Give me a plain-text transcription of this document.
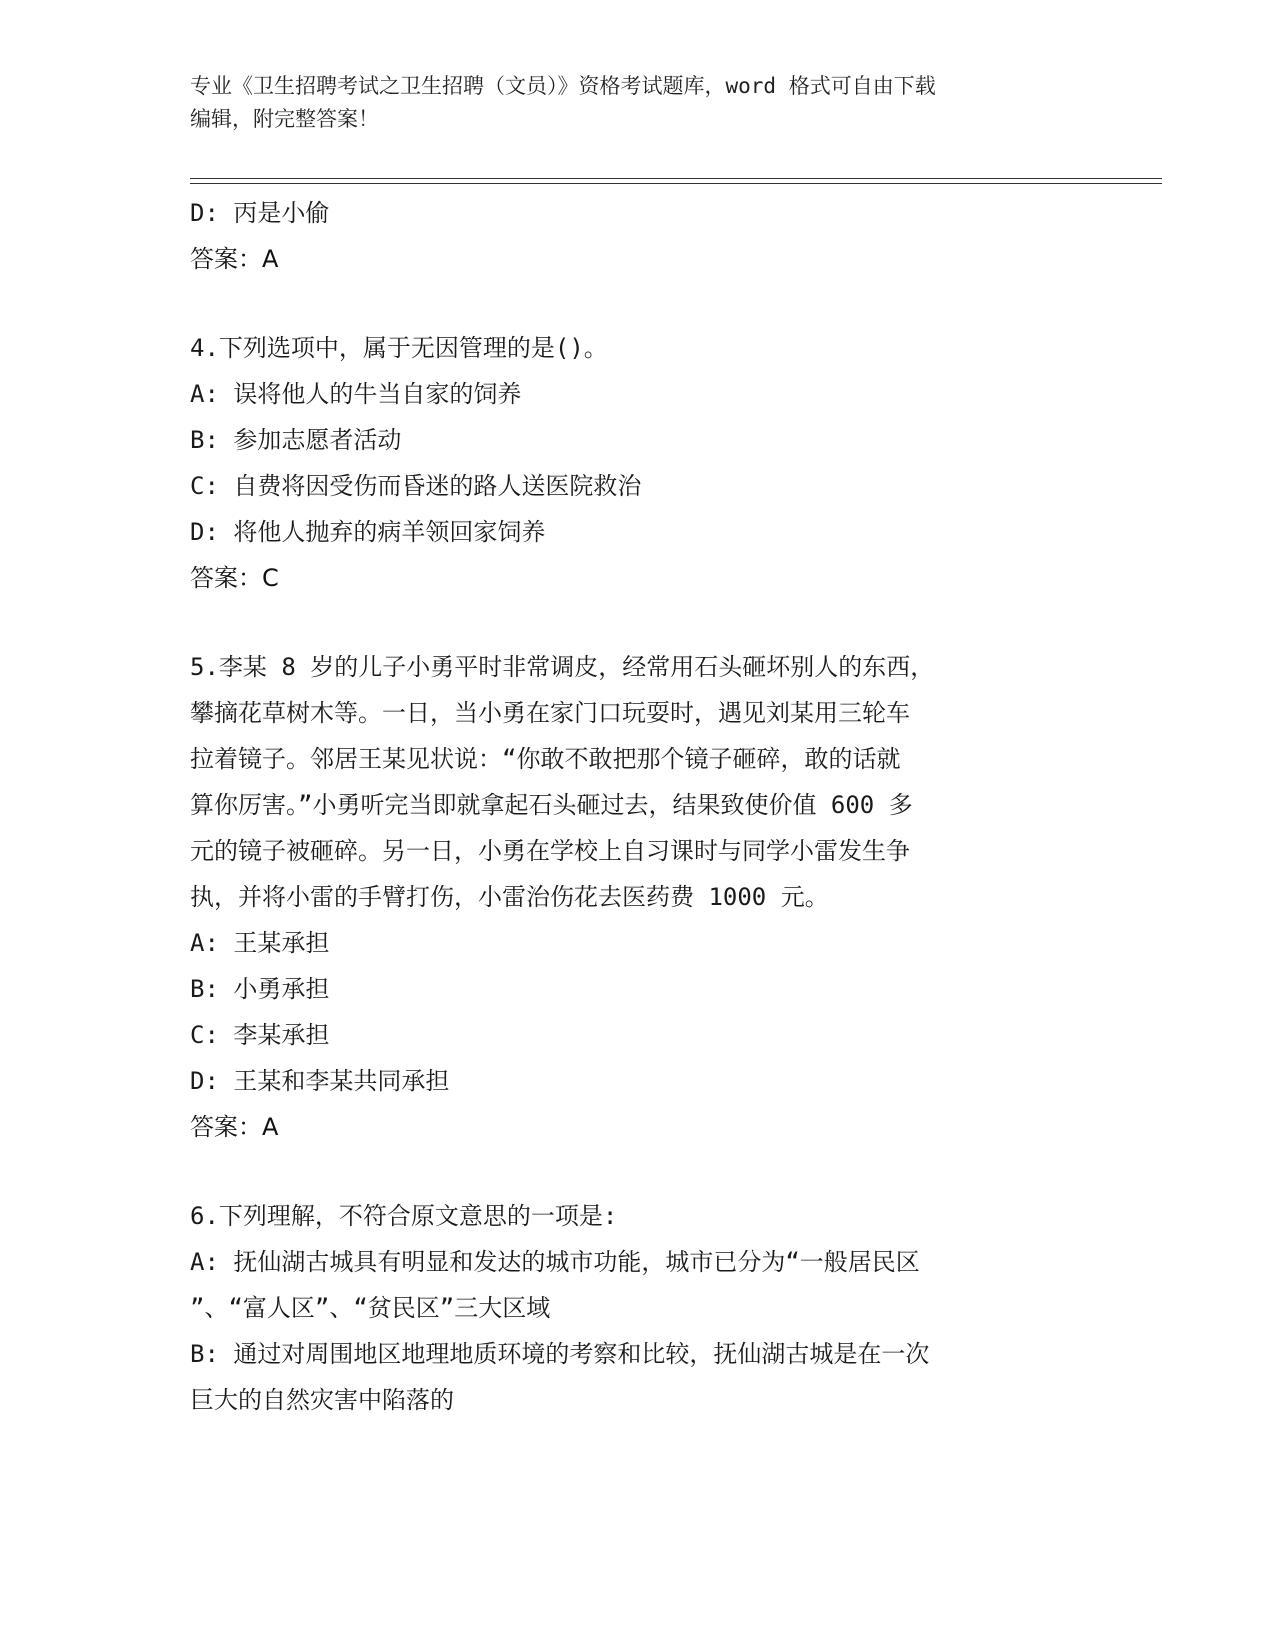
专业《卫生招聘考试之卫生招聘（文员）》资格考试题库，word 格式可自由下载
编辑，附完整答案！
D: 丙是小偷
答案：A
4.下列选项中，属于无因管理的是()。
A: 误将他人的牛当自家的饲养
B: 参加志愿者活动
C: 自费将因受伤而昏迷的路人送医院救治
D: 将他人抛弃的病羊领回家饲养
答案：C
5.李某 8 岁的儿子小勇平时非常调皮，经常用石头砸坏别人的东西，
攀摘花草树木等。一日，当小勇在家门口玩耍时，遇见刘某用三轮车
拉着镜子。邻居王某见状说：“你敢不敢把那个镜子砸碎，敢的话就
算你厉害。”小勇听完当即就拿起石头砸过去，结果致使价值 600 多
元的镜子被砸碎。另一日，小勇在学校上自习课时与同学小雷发生争
执，并将小雷的手臂打伤，小雷治伤花去医药费 1000 元。
A: 王某承担
B: 小勇承担
C: 李某承担
D: 王某和李某共同承担
答案：A
6.下列理解，不符合原文意思的一项是:
A: 抚仙湖古城具有明显和发达的城市功能，城市已分为“一般居民区
”、“富人区”、“贫民区”三大区域
B: 通过对周围地区地理地质环境的考察和比较，抚仙湖古城是在一次
巨大的自然灾害中陷落的
